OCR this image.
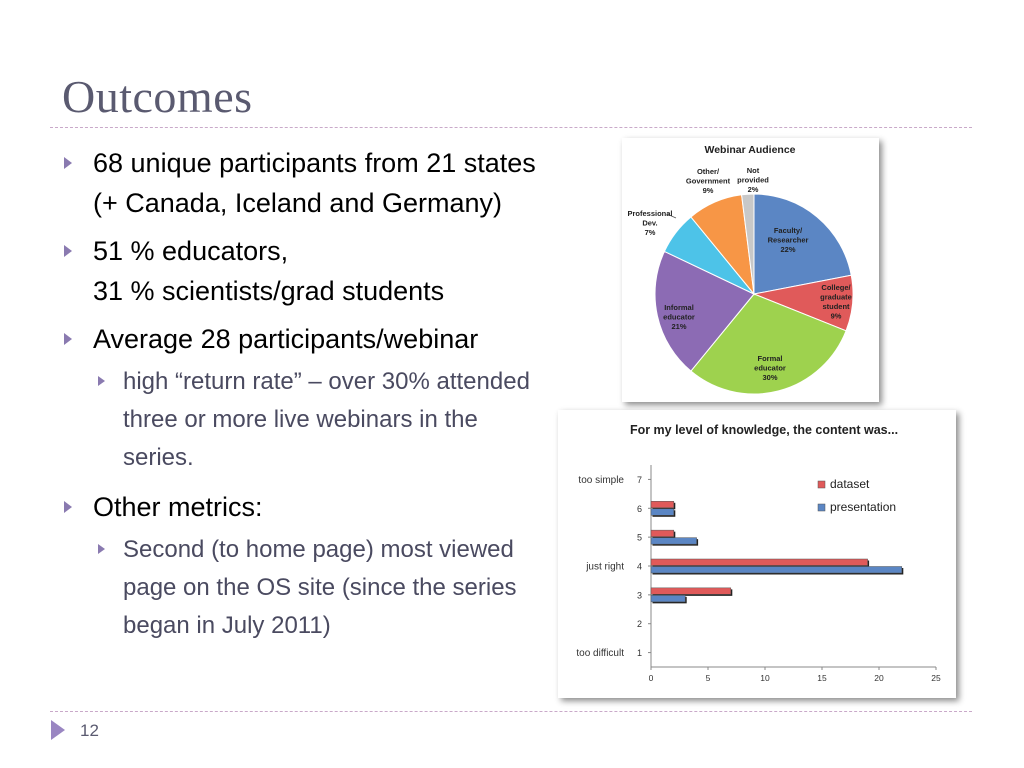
Outcomes
68 unique participants from 21 states (+ Canada, Iceland and Germany)
51 % educators,
31 % scientists/grad students
Average 28 participants/webinar
high “return rate” – over 30% attended three or more live webinars in the series.
Other metrics:
Second (to home page) most viewed page on the OS site (since the series began in July 2011)
Webinar Audience
Faculty/ Researcher 22%
College/ graduate student 9%
Formal educator 30%
Informal educator 21%
Professional Dev. 7%
Other/ Government 9%
Not provided 2%
For my level of knowledge, the content was...
0	5	10	15	20	25
1
too difficult
2
3
4
just right
5
6
7
too simple	dataset
presentation
12
